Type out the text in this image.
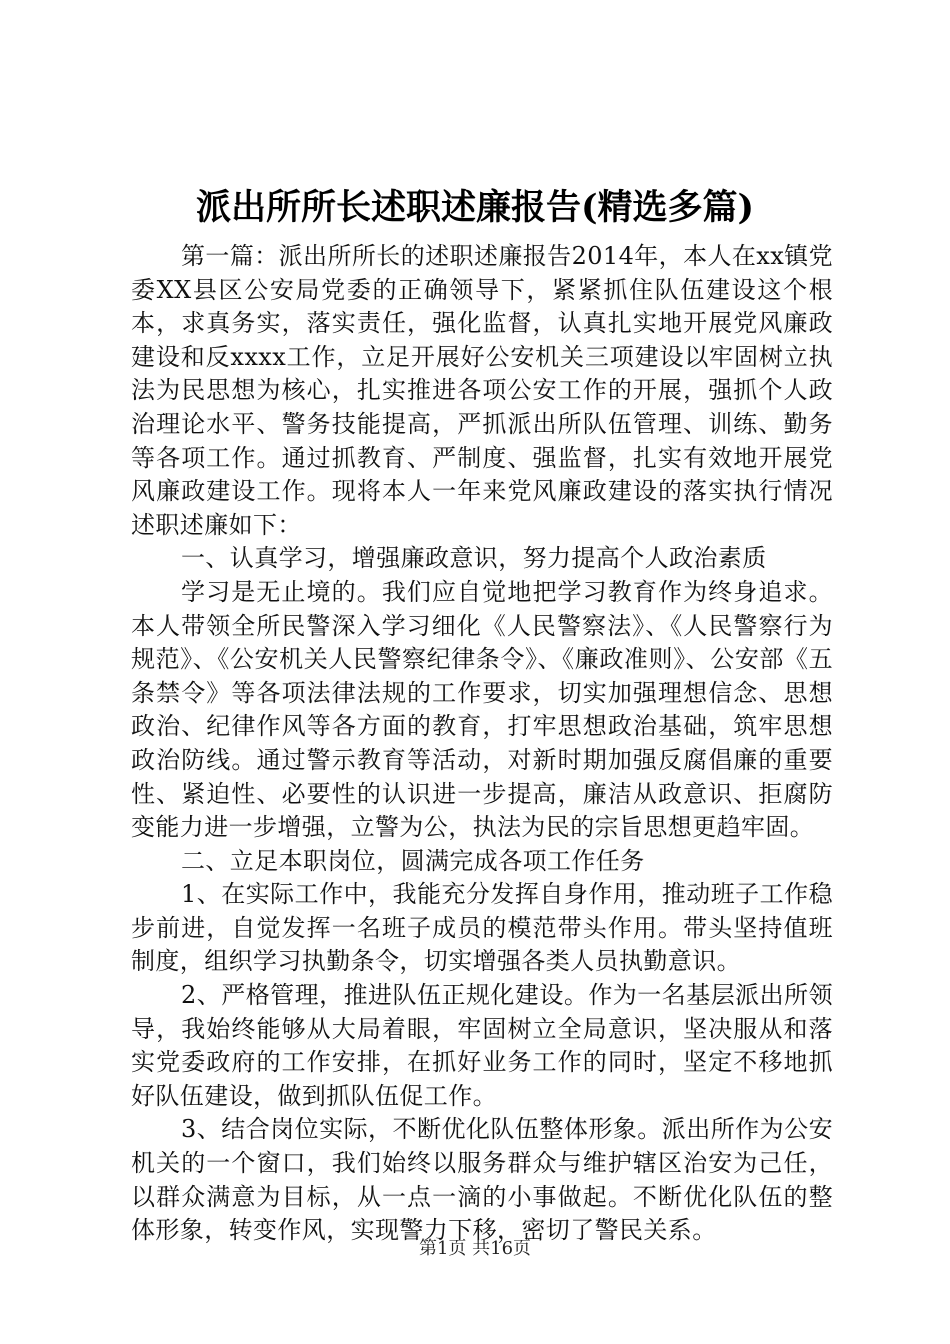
派出所所长述职述廉报告(精选多篇)

第一篇：派出所所长的述职述廉报告2014年，本人在xx镇党委XX县区公安局党委的正确领导下，紧紧抓住队伍建设这个根本，求真务实，落实责任，强化监督，认真扎实地开展党风廉政建设和反xxxx工作，立足开展好公安机关三项建设以牢固树立执法为民思想为核心，扎实推进各项公安工作的开展，强抓个人政治理论水平、警务技能提高，严抓派出所队伍管理、训练、勤务等各项工作。通过抓教育、严制度、强监督，扎实有效地开展党风廉政建设工作。现将本人一年来党风廉政建设的落实执行情况述职述廉如下：

一、认真学习，增强廉政意识，努力提高个人政治素质

学习是无止境的。我们应自觉地把学习教育作为终身追求。本人带领全所民警深入学习细化《人民警察法》、《人民警察行为规范》、《公安机关人民警察纪律条令》、《廉政准则》、公安部《五条禁令》等各项法律法规的工作要求，切实加强理想信念、思想政治、纪律作风等各方面的教育，打牢思想政治基础，筑牢思想政治防线。通过警示教育等活动，对新时期加强反腐倡廉的重要性、紧迫性、必要性的认识进一步提高，廉洁从政意识、拒腐防变能力进一步增强，立警为公，执法为民的宗旨思想更趋牢固。

二、立足本职岗位，圆满完成各项工作任务

1、在实际工作中，我能充分发挥自身作用，推动班子工作稳步前进，自觉发挥一名班子成员的模范带头作用。带头坚持值班制度，组织学习执勤条令，切实增强各类人员执勤意识。

2、严格管理，推进队伍正规化建设。作为一名基层派出所领导，我始终能够从大局着眼，牢固树立全局意识，坚决服从和落实党委政府的工作安排，在抓好业务工作的同时，坚定不移地抓好队伍建设，做到抓队伍促工作。

3、结合岗位实际，不断优化队伍整体形象。派出所作为公安机关的一个窗口，我们始终以服务群众与维护辖区治安为己任，以群众满意为目标，从一点一滴的小事做起。不断优化队伍的整体形象，转变作风，实现警力下移，密切了警民关系。

第1页 共16页
